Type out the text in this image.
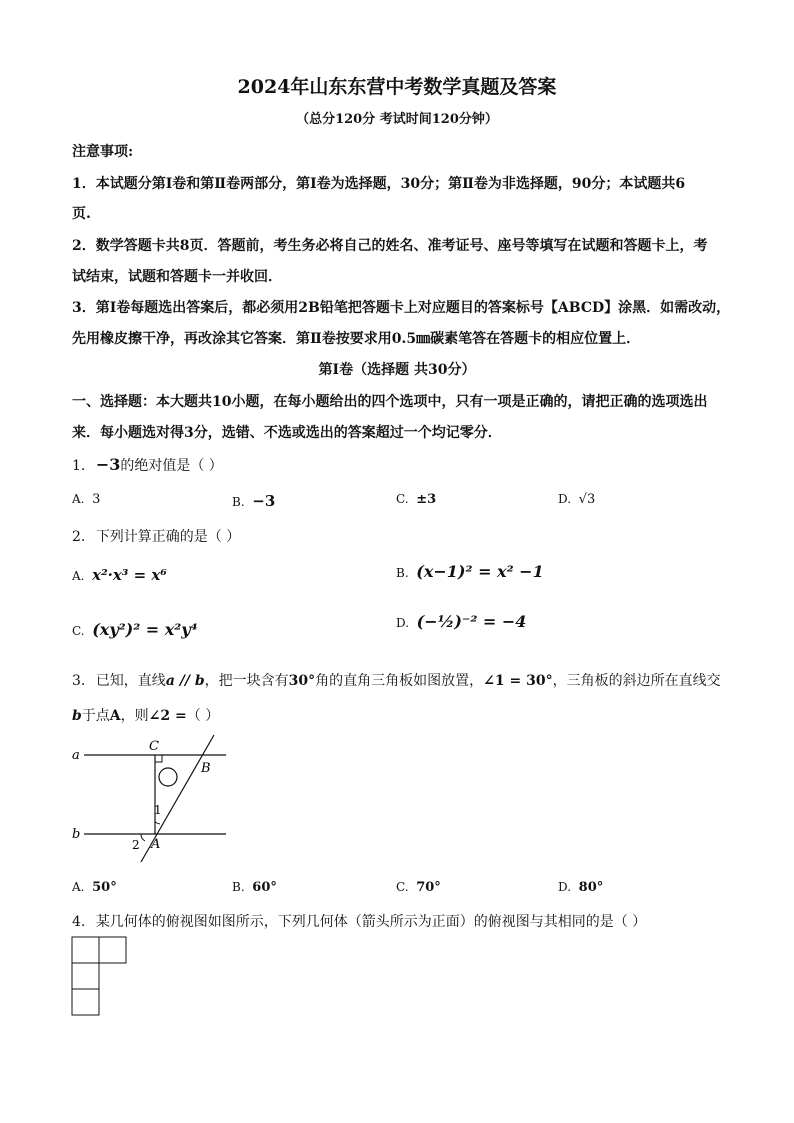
2024年山东东营中考数学真题及答案
（总分120分 考试时间120分钟）
注意事项:
1．本试题分第Ⅰ卷和第Ⅱ卷两部分，第Ⅰ卷为选择题，30分；第Ⅱ卷为非选择题，90分；本试题共6
页.
2．数学答题卡共8页．答题前，考生务必将自己的姓名、准考证号、座号等填写在试题和答题卡上，考
试结束，试题和答题卡一并收回．
3．第Ⅰ卷每题选出答案后，都必须用2B铅笔把答题卡上对应题目的答案标号【ABCD】涂黑．如需改动，
先用橡皮擦干净，再改涂其它答案．第Ⅱ卷按要求用0.5㎜碳素笔答在答题卡的相应位置上．
第Ⅰ卷（选择题 共30分）
一、选择题：本大题共10小题，在每小题给出的四个选项中，只有一项是正确的，请把正确的选项选出
来．每小题选对得3分，选错、不选或选出的答案超过一个均记零分．
1. −3的绝对值是（ ）
A. 3	B. −3	C. ±3	D. √3
2. 下列计算正确的是（ ）
A. x²·x³ = x⁶	B. (x−1)² = x² −1
C. (xy²)² = x²y⁴	D. (−½)⁻² = −4
3. 已知，直线a // b，把一块含有30°角的直角三角板如图放置，∠1 = 30°，三角板的斜边所在直线交
b于点A，则∠2 =（ ）
a
b
C
B
A
1
2
A. 50°	B. 60°	C. 70°	D. 80°
4. 某几何体的俯视图如图所示，下列几何体（箭头所示为正面）的俯视图与其相同的是（ ）
